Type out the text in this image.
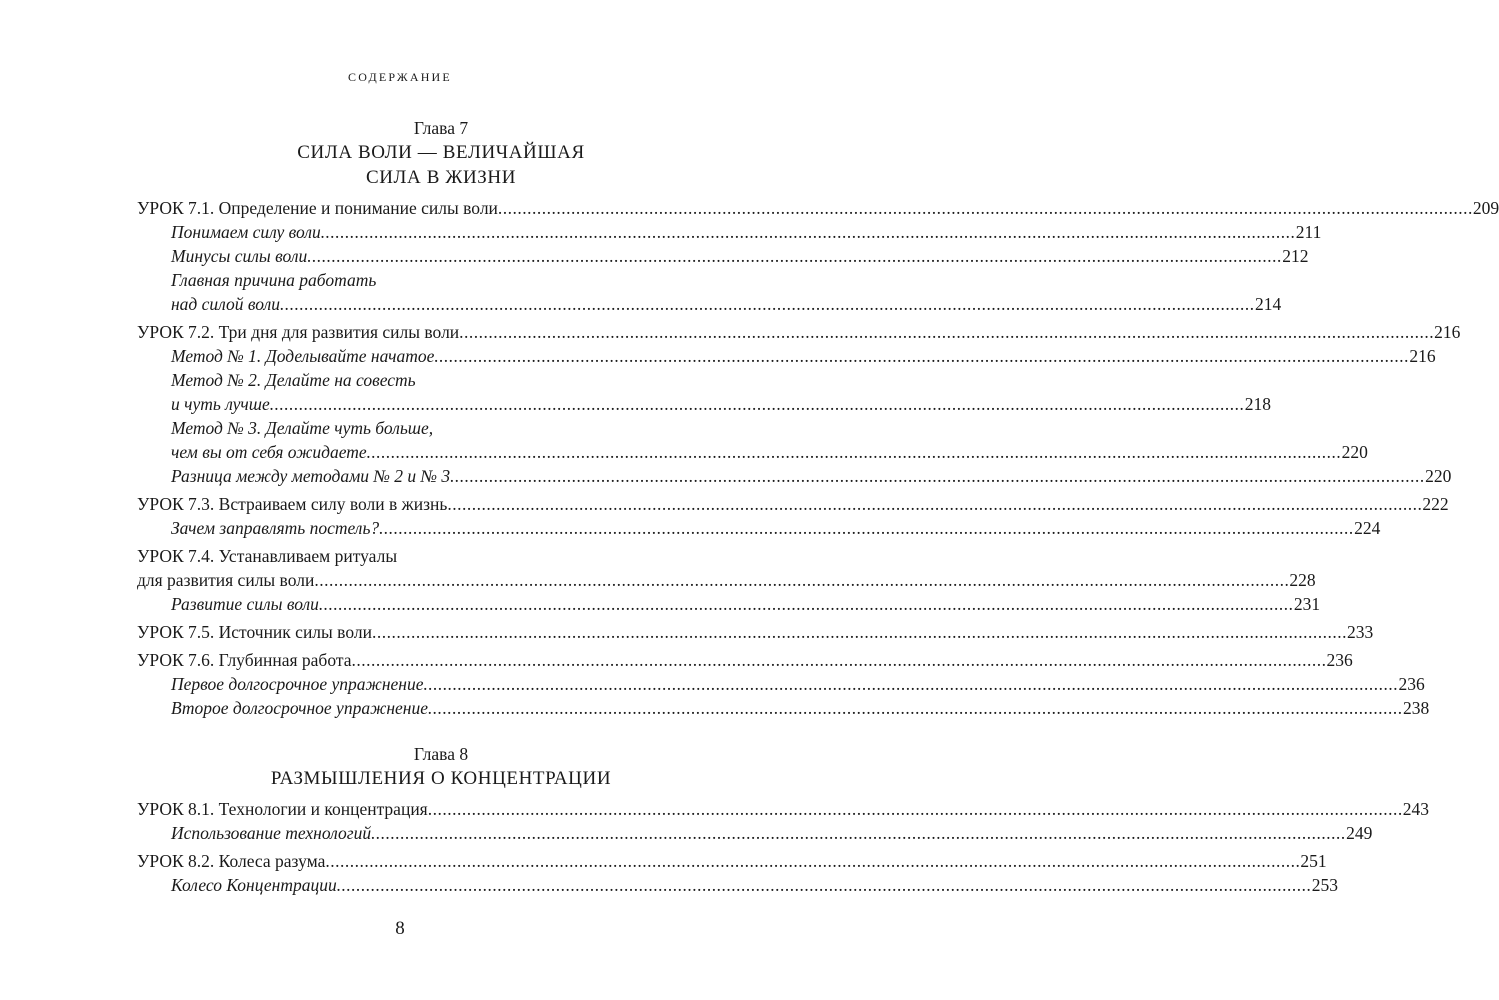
СОДЕРЖАНИЕ
Глава 7
СИЛА ВОЛИ — ВЕЛИЧАЙШАЯ
СИЛА В ЖИЗНИ
УРОК 7.1. Определение и понимание силы воли ........................................................................................................................................................................................................ 209
Понимаем силу воли ........................................................................................................................................................................................................ 211
Минусы силы воли ........................................................................................................................................................................................................ 212
Главная причина работать
над силой воли ........................................................................................................................................................................................................ 214
УРОК 7.2. Три дня для развития силы воли ........................................................................................................................................................................................................ 216
Метод № 1. Доделывайте начатое ........................................................................................................................................................................................................ 216
Метод № 2. Делайте на совесть
и чуть лучше ........................................................................................................................................................................................................ 218
Метод № 3. Делайте чуть больше,
чем вы от себя ожидаете ........................................................................................................................................................................................................ 220
Разница между методами № 2 и № 3 ........................................................................................................................................................................................................ 220
УРОК 7.3. Встраиваем силу воли в жизнь ........................................................................................................................................................................................................ 222
Зачем заправлять постель? ........................................................................................................................................................................................................ 224
УРОК 7.4. Устанавливаем ритуалы
для развития силы воли ........................................................................................................................................................................................................ 228
Развитие силы воли ........................................................................................................................................................................................................ 231
УРОК 7.5. Источник силы воли ........................................................................................................................................................................................................ 233
УРОК 7.6. Глубинная работа ........................................................................................................................................................................................................ 236
Первое долгосрочное упражнение ........................................................................................................................................................................................................ 236
Второе долгосрочное упражнение ........................................................................................................................................................................................................ 238
Глава 8
РАЗМЫШЛЕНИЯ О КОНЦЕНТРАЦИИ
УРОК 8.1. Технологии и концентрация ........................................................................................................................................................................................................ 243
Использование технологий ........................................................................................................................................................................................................ 249
УРОК 8.2. Колеса разума ........................................................................................................................................................................................................ 251
Колесо Концентрации ........................................................................................................................................................................................................ 253
8
